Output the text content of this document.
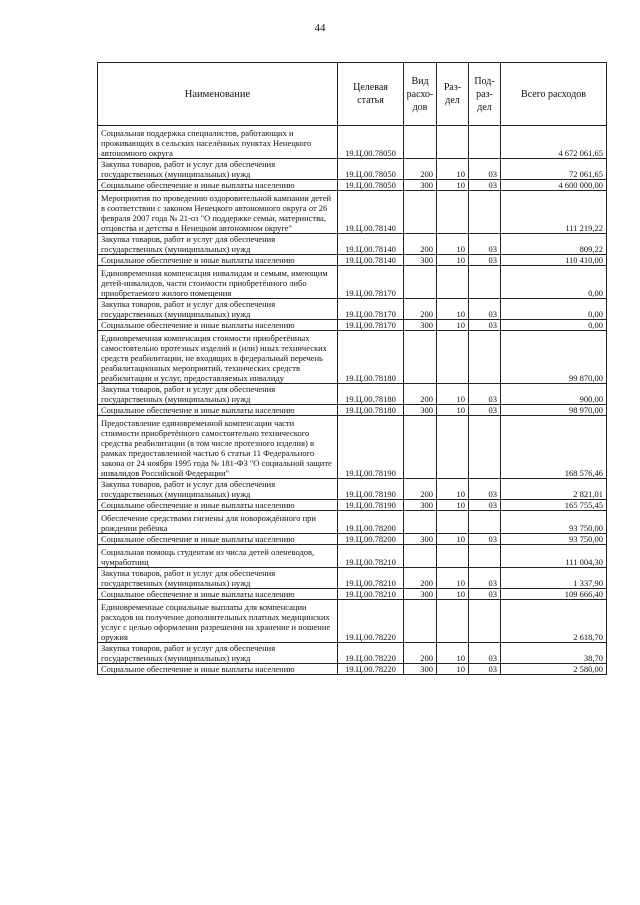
44
Наименование	Целевая статья	Вид расхо-дов	Раз-дел	Под-раз-дел	Всего расходов
Социальная поддержка специалистов, работающих и проживающих в сельских населённых пунктах Ненецкого автономного округа	19.Ц.00.78050				4 672 061,65
Закупка товаров, работ и услуг для обеспечения государственных (муниципальных) нужд	19.Ц.00.78050	200	10	03	72 061,65
Социальное обеспечение и иные выплаты населению	19.Ц.00.78050	300	10	03	4 600 000,00
Мероприятия по проведению оздоровительной кампании детей в соответствии с законом Ненецкого автономного округа от 26 февраля 2007 года № 21-оз "О поддержке семьи, материнства, отцовства и детства в Ненецком автономном округе"	19.Ц.00.78140				111 219,22
Закупка товаров, работ и услуг для обеспечения государственных (муниципальных) нужд	19.Ц.00.78140	200	10	03	809,22
Социальное обеспечение и иные выплаты населению	19.Ц.00.78140	300	10	03	110 410,00
Единовременная компенсация инвалидам и семьям, имеющим детей-инвалидов, части стоимости приобретённого либо приобретаемого жилого помещения	19.Ц.00.78170				0,00
Закупка товаров, работ и услуг для обеспечения государственных (муниципальных) нужд	19.Ц.00.78170	200	10	03	0,00
Социальное обеспечение и иные выплаты населению	19.Ц.00.78170	300	10	03	0,00
Единовременная компенсация стоимости приобретённых самостоятельно протезных изделий и (или) иных технических средств реабилитации, не входящих в федеральный перечень реабилитационных мероприятий, технических средств реабилитации и услуг, предоставляемых инвалиду	19.Ц.00.78180				99 870,00
Закупка товаров, работ и услуг для обеспечения государственных (муниципальных) нужд	19.Ц.00.78180	200	10	03	900,00
Социальное обеспечение и иные выплаты населению	19.Ц.00.78180	300	10	03	98 970,00
Предоставление единовременной компенсации части стоимости приобретённого самостоятельно технического средства реабилитации (в том числе протезного изделия) в рамках предоставленной частью 6 статьи 11 Федерального закона от 24 ноября 1995 года № 181-ФЗ "О социальной защите инвалидов Российской Федерации"	19.Ц.00.78190				168 576,46
Закупка товаров, работ и услуг для обеспечения государственных (муниципальных) нужд	19.Ц.00.78190	200	10	03	2 821,01
Социальное обеспечение и иные выплаты населению	19.Ц.00.78190	300	10	03	165 755,45
Обеспечение средствами гигиены для новорождённого при рождении ребёнка	19.Ц.00.78200				93 750,00
Социальное обеспечение и иные выплаты населению	19.Ц.00.78200	300	10	03	93 750,00
Социальная помощь студентам из числа детей оленеводов, чумработниц	19.Ц.00.78210				111 004,30
Закупка товаров, работ и услуг для обеспечения государственных (муниципальных) нужд	19.Ц.00.78210	200	10	03	1 337,90
Социальное обеспечение и иные выплаты населению	19.Ц.00.78210	300	10	03	109 666,40
Единовременные социальные выплаты для компенсации расходов на получение дополнительных платных медицинских услуг с целью оформления разрешения на хранение и ношение оружия	19.Ц.00.78220				2 618,70
Закупка товаров, работ и услуг для обеспечения государственных (муниципальных) нужд	19.Ц.00.78220	200	10	03	38,70
Социальное обеспечение и иные выплаты населению	19.Ц.00.78220	300	10	03	2 580,00
